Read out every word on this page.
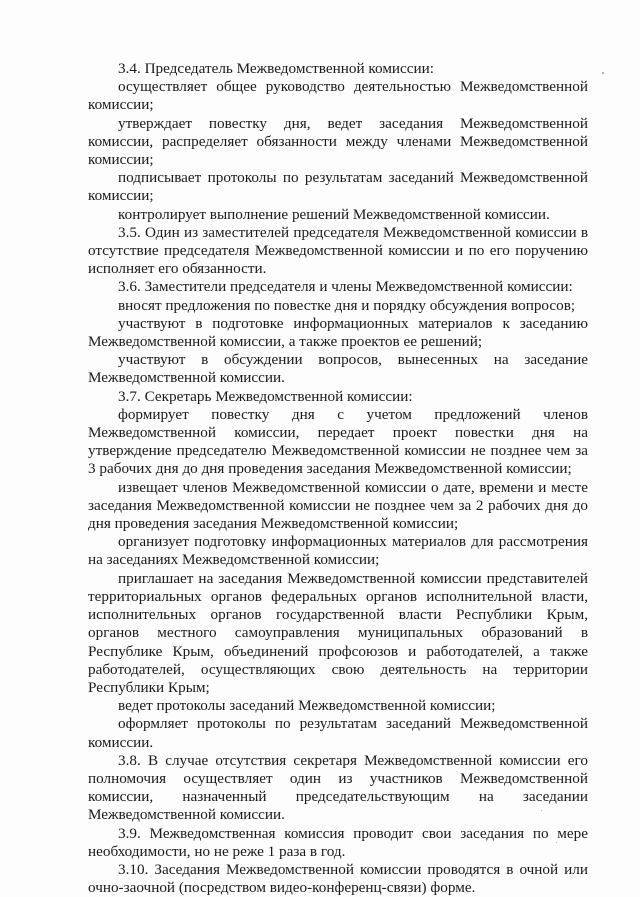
3.4. Председатель Межведомственной комиссии:

осуществляет общее руководство деятельностью Межведомственной комиссии;

утверждает повестку дня, ведет заседания Межведомственной комиссии, распределяет обязанности между членами Межведомственной комиссии;

подписывает протоколы по результатам заседаний Межведомственной комиссии;

контролирует выполнение решений Межведомственной комиссии.

3.5. Один из заместителей председателя Межведомственной комиссии в отсутствие председателя Межведомственной комиссии и по его поручению исполняет его обязанности.

3.6. Заместители председателя и члены Межведомственной комиссии:

вносят предложения по повестке дня и порядку обсуждения вопросов;

участвуют в подготовке информационных материалов к заседанию Межведомственной комиссии, а также проектов ее решений;

участвуют в обсуждении вопросов, вынесенных на заседание Межведомственной комиссии.

3.7. Секретарь Межведомственной комиссии:

формирует повестку дня с учетом предложений членов Межведомственной комиссии, передает проект повестки дня на утверждение председателю Межведомственной комиссии не позднее чем за 3 рабочих дня до дня проведения заседания Межведомственной комиссии;

извещает членов Межведомственной комиссии о дате, времени и месте заседания Межведомственной комиссии не позднее чем за 2 рабочих дня до дня проведения заседания Межведомственной комиссии;

организует подготовку информационных материалов для рассмотрения на заседаниях Межведомственной комиссии;

приглашает на заседания Межведомственной комиссии представителей территориальных органов федеральных органов исполнительной власти, исполнительных органов государственной власти Республики Крым, органов местного самоуправления муниципальных образований в Республике Крым, объединений профсоюзов и работодателей, а также работодателей, осуществляющих свою деятельность на территории Республики Крым;

ведет протоколы заседаний Межведомственной комиссии;

оформляет протоколы по результатам заседаний Межведомственной комиссии.

3.8. В случае отсутствия секретаря Межведомственной комиссии его полномочия осуществляет один из участников Межведомственной комиссии, назначенный председательствующим на заседании Межведомственной комиссии.

3.9. Межведомственная комиссия проводит свои заседания по мере необходимости, но не реже 1 раза в год.

3.10. Заседания Межведомственной комиссии проводятся в очной или очно-заочной (посредством видео-конференц-связи) форме.
